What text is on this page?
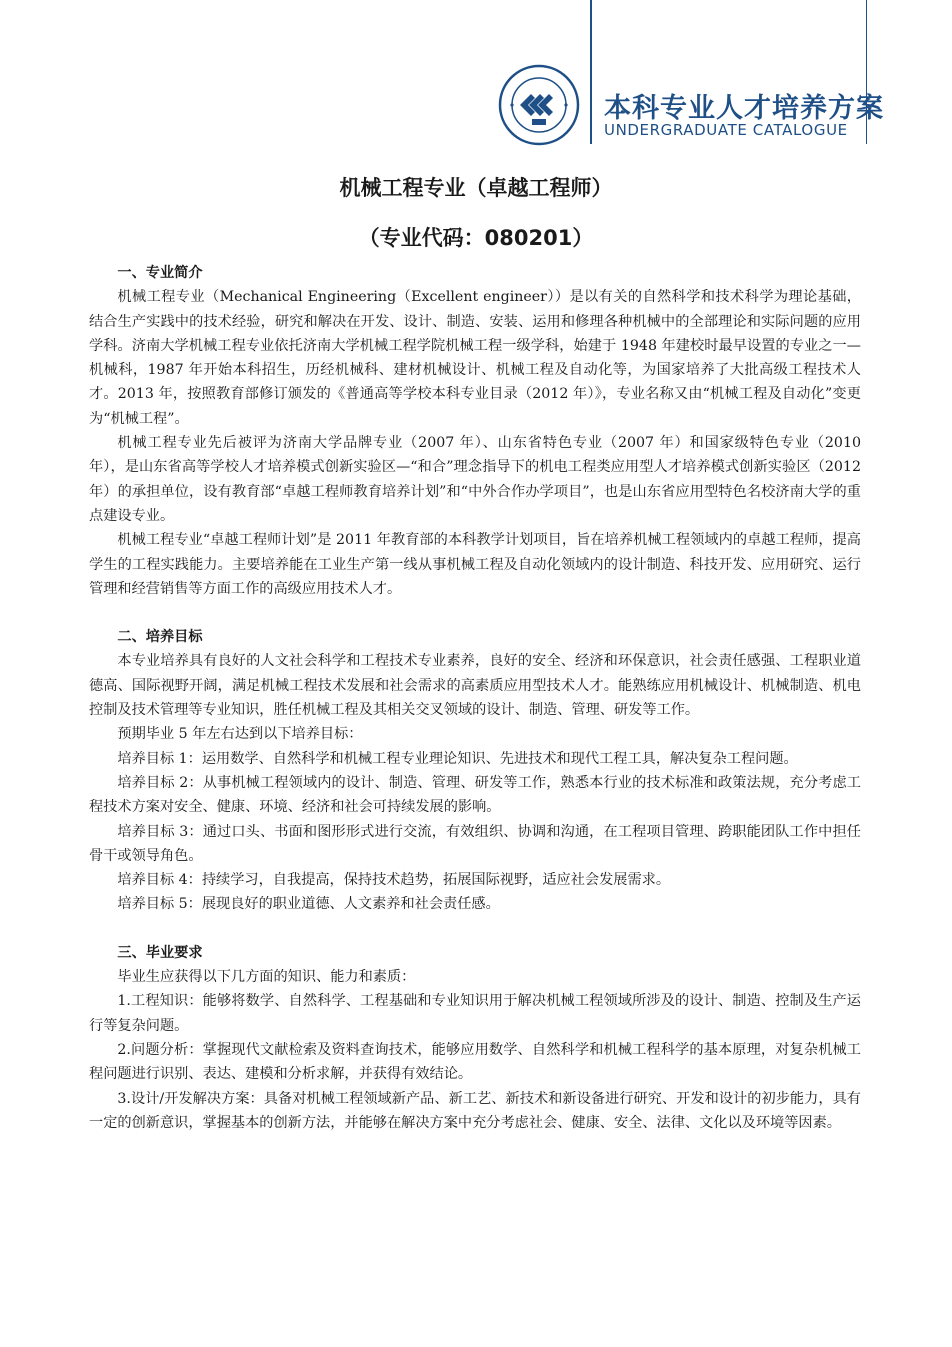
本科专业人才培养方案
UNDERGRADUATE CATALOGUE
机械工程专业（卓越工程师）
（专业代码：080201）
一、专业简介

机械工程专业（Mechanical Engineering（Excellent engineer））是以有关的自然科学和技术科学为理论基础，结合生产实践中的技术经验，研究和解决在开发、设计、制造、安装、运用和修理各种机械中的全部理论和实际问题的应用学科。济南大学机械工程专业依托济南大学机械工程学院机械工程一级学科，始建于 1948 年建校时最早设置的专业之一—机械科，1987 年开始本科招生，历经机械科、建材机械设计、机械工程及自动化等，为国家培养了大批高级工程技术人才。2013 年，按照教育部修订颁发的《普通高等学校本科专业目录（2012 年）》，专业名称又由“机械工程及自动化”变更为“机械工程”。

机械工程专业先后被评为济南大学品牌专业（2007 年）、山东省特色专业（2007 年）和国家级特色专业（2010 年），是山东省高等学校人才培养模式创新实验区—“和合”理念指导下的机电工程类应用型人才培养模式创新实验区（2012 年）的承担单位，设有教育部“卓越工程师教育培养计划”和“中外合作办学项目”，也是山东省应用型特色名校济南大学的重点建设专业。

机械工程专业“卓越工程师计划”是 2011 年教育部的本科教学计划项目，旨在培养机械工程领域内的卓越工程师，提高学生的工程实践能力。主要培养能在工业生产第一线从事机械工程及自动化领域内的设计制造、科技开发、应用研究、运行管理和经营销售等方面工作的高级应用技术人才。

二、培养目标

本专业培养具有良好的人文社会科学和工程技术专业素养，良好的安全、经济和环保意识，社会责任感强、工程职业道德高、国际视野开阔，满足机械工程技术发展和社会需求的高素质应用型技术人才。能熟练应用机械设计、机械制造、机电控制及技术管理等专业知识，胜任机械工程及其相关交叉领域的设计、制造、管理、研发等工作。

预期毕业 5 年左右达到以下培养目标：

培养目标 1：运用数学、自然科学和机械工程专业理论知识、先进技术和现代工程工具，解决复杂工程问题。

培养目标 2：从事机械工程领域内的设计、制造、管理、研发等工作，熟悉本行业的技术标准和政策法规，充分考虑工程技术方案对安全、健康、环境、经济和社会可持续发展的影响。

培养目标 3：通过口头、书面和图形形式进行交流，有效组织、协调和沟通，在工程项目管理、跨职能团队工作中担任骨干或领导角色。

培养目标 4：持续学习，自我提高，保持技术趋势，拓展国际视野，适应社会发展需求。

培养目标 5：展现良好的职业道德、人文素养和社会责任感。

三、毕业要求

毕业生应获得以下几方面的知识、能力和素质：

1.工程知识：能够将数学、自然科学、工程基础和专业知识用于解决机械工程领域所涉及的设计、制造、控制及生产运行等复杂问题。

2.问题分析：掌握现代文献检索及资料查询技术，能够应用数学、自然科学和机械工程科学的基本原理，对复杂机械工程问题进行识别、表达、建模和分析求解，并获得有效结论。

3.设计/开发解决方案：具备对机械工程领域新产品、新工艺、新技术和新设备进行研究、开发和设计的初步能力，具有一定的创新意识，掌握基本的创新方法，并能够在解决方案中充分考虑社会、健康、安全、法律、文化以及环境等因素。
